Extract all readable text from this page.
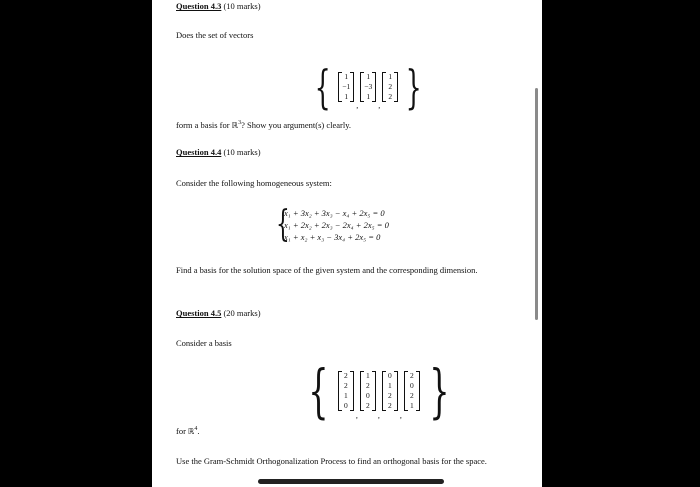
Question 4.3 (10 marks)
Does the set of vectors
{ 1
−1
1
,
1
−3
1
,
1
2
2 }
form a basis for ℝ$^3$? Show you argument(s) clearly.
Question 4.4 (10 marks)
Consider the following homogeneous system:
{
x₁ + 3x₂ + 3x₃ − x₄ + 2x₅ = 0
x₁ + 2x₂ + 2x₃ − 2x₄ + 2x₅ = 0
x₁ + x₂ + x₃ − 3x₄ + 2x₅ = 0
Find a basis for the solution space of the given system and the corresponding dimension.
Question 4.5 (20 marks)
Consider a basis
{ 2
2
1
0
,
1
2
0
2
,
0
1
2
2
,
2
0
2
1 }
for ℝ$^4$.
Use the Gram-Schmidt Orthogonalization Process to find an orthogonal basis for the space.
